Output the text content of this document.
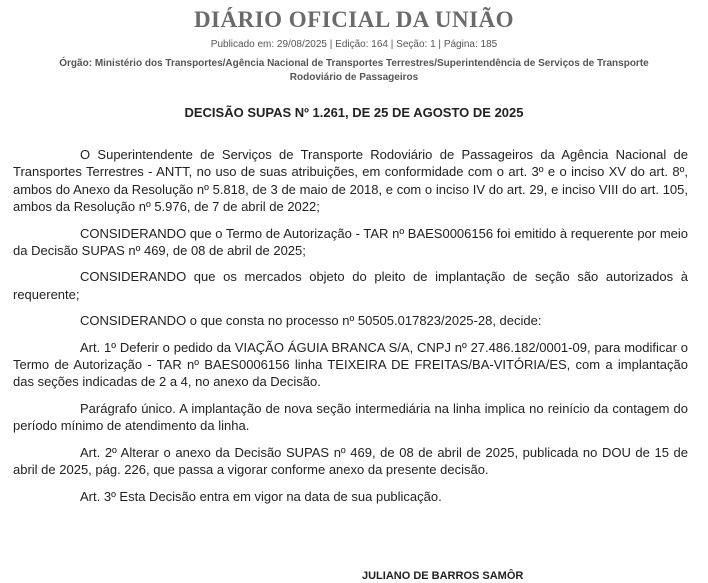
DIÁRIO OFICIAL DA UNIÃO
Publicado em: 29/08/2025 | Edição: 164 | Seção: 1 | Página: 185
Órgão: Ministério dos Transportes/Agência Nacional de Transportes Terrestres/Superintendência de Serviços de Transporte Rodoviário de Passageiros
DECISÃO SUPAS Nº 1.261, DE 25 DE AGOSTO DE 2025

O Superintendente de Serviços de Transporte Rodoviário de Passageiros da Agência Nacional de Transportes Terrestres - ANTT, no uso de suas atribuições, em conformidade com o art. 3º e o inciso XV do art. 8º, ambos do Anexo da Resolução nº 5.818, de 3 de maio de 2018, e com o inciso IV do art. 29, e inciso VIII do art. 105, ambos da Resolução nº 5.976, de 7 de abril de 2022;

CONSIDERANDO que o Termo de Autorização - TAR nº BAES0006156 foi emitido à requerente por meio da Decisão SUPAS nº 469, de 08 de abril de 2025;

CONSIDERANDO que os mercados objeto do pleito de implantação de seção são autorizados à requerente;

CONSIDERANDO o que consta no processo nº 50505.017823/2025-28, decide:

Art. 1º Deferir o pedido da VIAÇÃO ÁGUIA BRANCA S/A, CNPJ nº 27.486.182/0001-09, para modificar o Termo de Autorização - TAR nº BAES0006156 linha TEIXEIRA DE FREITAS/BA-VITÓRIA/ES, com a implantação das seções indicadas de 2 a 4, no anexo da Decisão.

Parágrafo único. A implantação de nova seção intermediária na linha implica no reinício da contagem do período mínimo de atendimento da linha.

Art. 2º Alterar o anexo da Decisão SUPAS nº 469, de 08 de abril de 2025, publicada no DOU de 15 de abril de 2025, pág. 226, que passa a vigorar conforme anexo da presente decisão.

Art. 3º Esta Decisão entra em vigor na data de sua publicação.

JULIANO DE BARROS SAMÔR
